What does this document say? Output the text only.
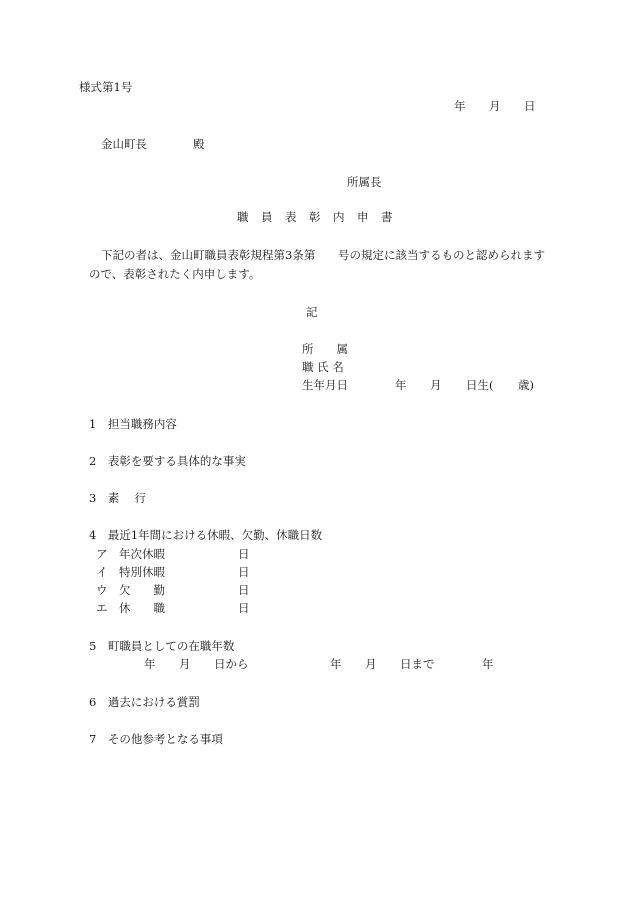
様式第1号
年 月 日
金山町長	殿
所属長
職　員　表　彰　内　申　書
下記の者は、金山町職員表彰規程第3条第 号の規定に該当するものと認められます
ので、表彰されたく内申します。
記
所　　属
職 氏 名
生年月日	年 月 日生( 歳)
1　担当職務内容
2　表彰を要する具体的な事実
3　素　 行
4　最近1年間における休暇、欠勤、休職日数
ア　年次休暇	日
イ　特別休暇	日
ウ　欠　　勤	日
エ　休　　職	日
5　町職員としての在職年数
年 月 日から	年 月 日まで	年
6　過去における賞罰
7　その他参考となる事項
